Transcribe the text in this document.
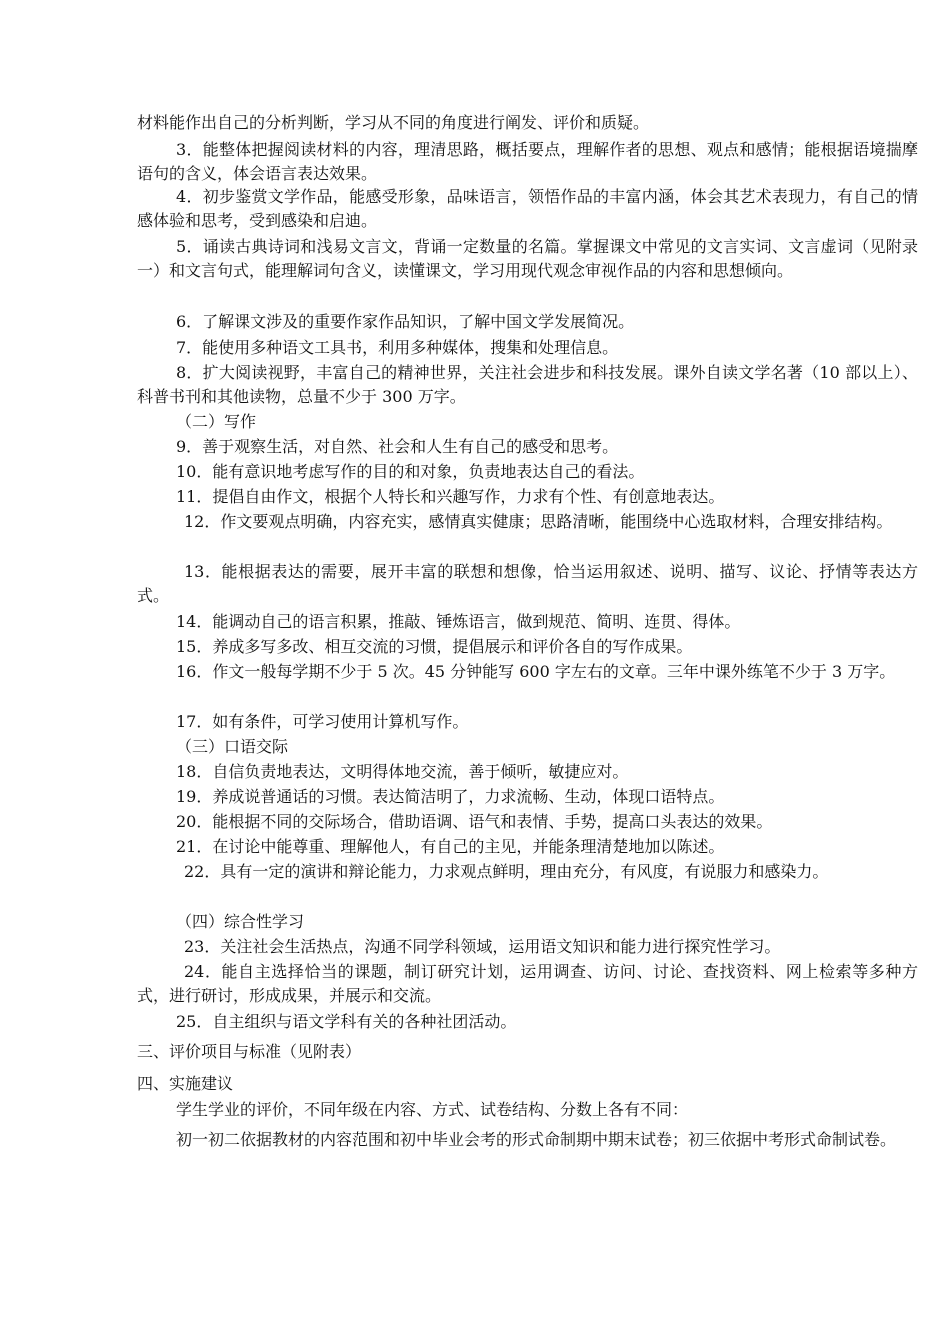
材料能作出自己的分析判断，学习从不同的角度进行阐发、评价和质疑。

3．能整体把握阅读材料的内容，理清思路，概括要点，理解作者的思想、观点和感情；能根据语境揣摩语句的含义，体会语言表达效果。

4．初步鉴赏文学作品，能感受形象，品味语言，领悟作品的丰富内涵，体会其艺术表现力，有自己的情感体验和思考，受到感染和启迪。

5．诵读古典诗词和浅易文言文，背诵一定数量的名篇。掌握课文中常见的文言实词、文言虚词（见附录一）和文言句式，能理解词句含义，读懂课文，学习用现代观念审视作品的内容和思想倾向。

6．了解课文涉及的重要作家作品知识，了解中国文学发展简况。

7．能使用多种语文工具书，利用多种媒体，搜集和处理信息。

8．扩大阅读视野，丰富自己的精神世界，关注社会进步和科技发展。课外自读文学名著（10 部以上）、科普书刊和其他读物，总量不少于 300 万字。

（二）写作

9．善于观察生活，对自然、社会和人生有自己的感受和思考。

10．能有意识地考虑写作的目的和对象，负责地表达自己的看法。

11．提倡自由作文，根据个人特长和兴趣写作，力求有个性、有创意地表达。

12．作文要观点明确，内容充实，感情真实健康；思路清晰，能围绕中心选取材料，合理安排结构。

13．能根据表达的需要，展开丰富的联想和想像，恰当运用叙述、说明、描写、议论、抒情等表达方式。

14．能调动自己的语言积累，推敲、锤炼语言，做到规范、简明、连贯、得体。

15．养成多写多改、相互交流的习惯，提倡展示和评价各自的写作成果。

16．作文一般每学期不少于 5 次。45 分钟能写 600 字左右的文章。三年中课外练笔不少于 3 万字。

17．如有条件，可学习使用计算机写作。

（三）口语交际

18．自信负责地表达，文明得体地交流，善于倾听，敏捷应对。

19．养成说普通话的习惯。表达简洁明了，力求流畅、生动，体现口语特点。

20．能根据不同的交际场合，借助语调、语气和表情、手势，提高口头表达的效果。

21．在讨论中能尊重、理解他人，有自己的主见，并能条理清楚地加以陈述。

22．具有一定的演讲和辩论能力，力求观点鲜明，理由充分，有风度，有说服力和感染力。

（四）综合性学习

23．关注社会生活热点，沟通不同学科领域，运用语文知识和能力进行探究性学习。

24．能自主选择恰当的课题，制订研究计划，运用调查、访问、讨论、查找资料、网上检索等多种方式，进行研讨，形成成果，并展示和交流。

25．自主组织与语文学科有关的各种社团活动。

三、评价项目与标准（见附表）

四、实施建议

学生学业的评价，不同年级在内容、方式、试卷结构、分数上各有不同：

初一初二依据教材的内容范围和初中毕业会考的形式命制期中期末试卷；初三依据中考形式命制试卷。
